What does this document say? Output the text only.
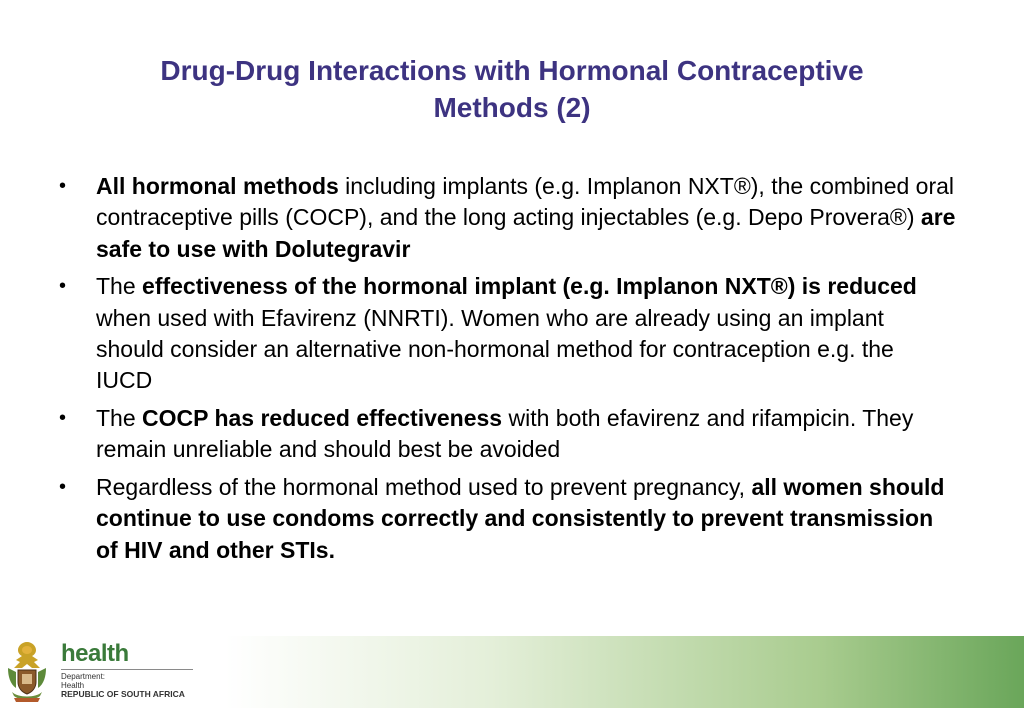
Drug-Drug Interactions with Hormonal Contraceptive
Methods (2)
• All hormonal methods including implants (e.g. Implanon NXT®), the combined oral contraceptive pills (COCP), and the long acting injectables (e.g. Depo Provera®) are safe to use with Dolutegravir
• The effectiveness of the hormonal implant (e.g. Implanon NXT®) is reduced when used with Efavirenz (NNRTI). Women who are already using an implant should consider an alternative non-hormonal method for contraception e.g. the IUCD
• The COCP has reduced effectiveness with both efavirenz and rifampicin. They remain unreliable and should best be avoided
• Regardless of the hormonal method used to prevent pregnancy, all women should continue to use condoms correctly and consistently to prevent transmission of HIV and other STIs.
health
Department:
Health
REPUBLIC OF SOUTH AFRICA
